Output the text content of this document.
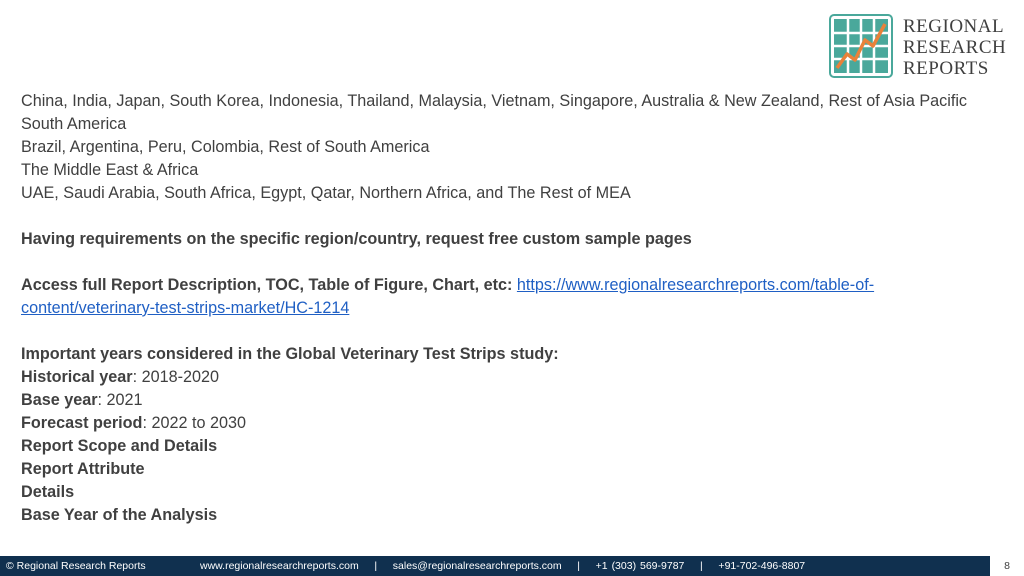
REGIONAL
RESEARCH
REPORTS

China, India, Japan, South Korea, Indonesia, Thailand, Malaysia, Vietnam, Singapore, Australia & New Zealand, Rest of Asia Pacific

South America

Brazil, Argentina, Peru, Colombia, Rest of South America

The Middle East & Africa

UAE, Saudi Arabia, South Africa, Egypt, Qatar, Northern Africa, and The Rest of MEA

Having requirements on the specific region/country, request free custom sample pages

Access full Report Description, TOC, Table of Figure, Chart, etc: https://www.regionalresearchreports.com/table-of-content/veterinary-test-strips-market/HC-1214

Important years considered in the Global Veterinary Test Strips study:

Historical year: 2018-2020

Base year: 2021

Forecast period: 2022 to 2030

Report Scope and Details

Report Attribute

Details

Base Year of the Analysis

© Regional Research Reports	www.regionalresearchreports.com    |    sales@regionalresearchreports.com    |    +1 (303) 569-9787    |    +91-702-496-8807	8
